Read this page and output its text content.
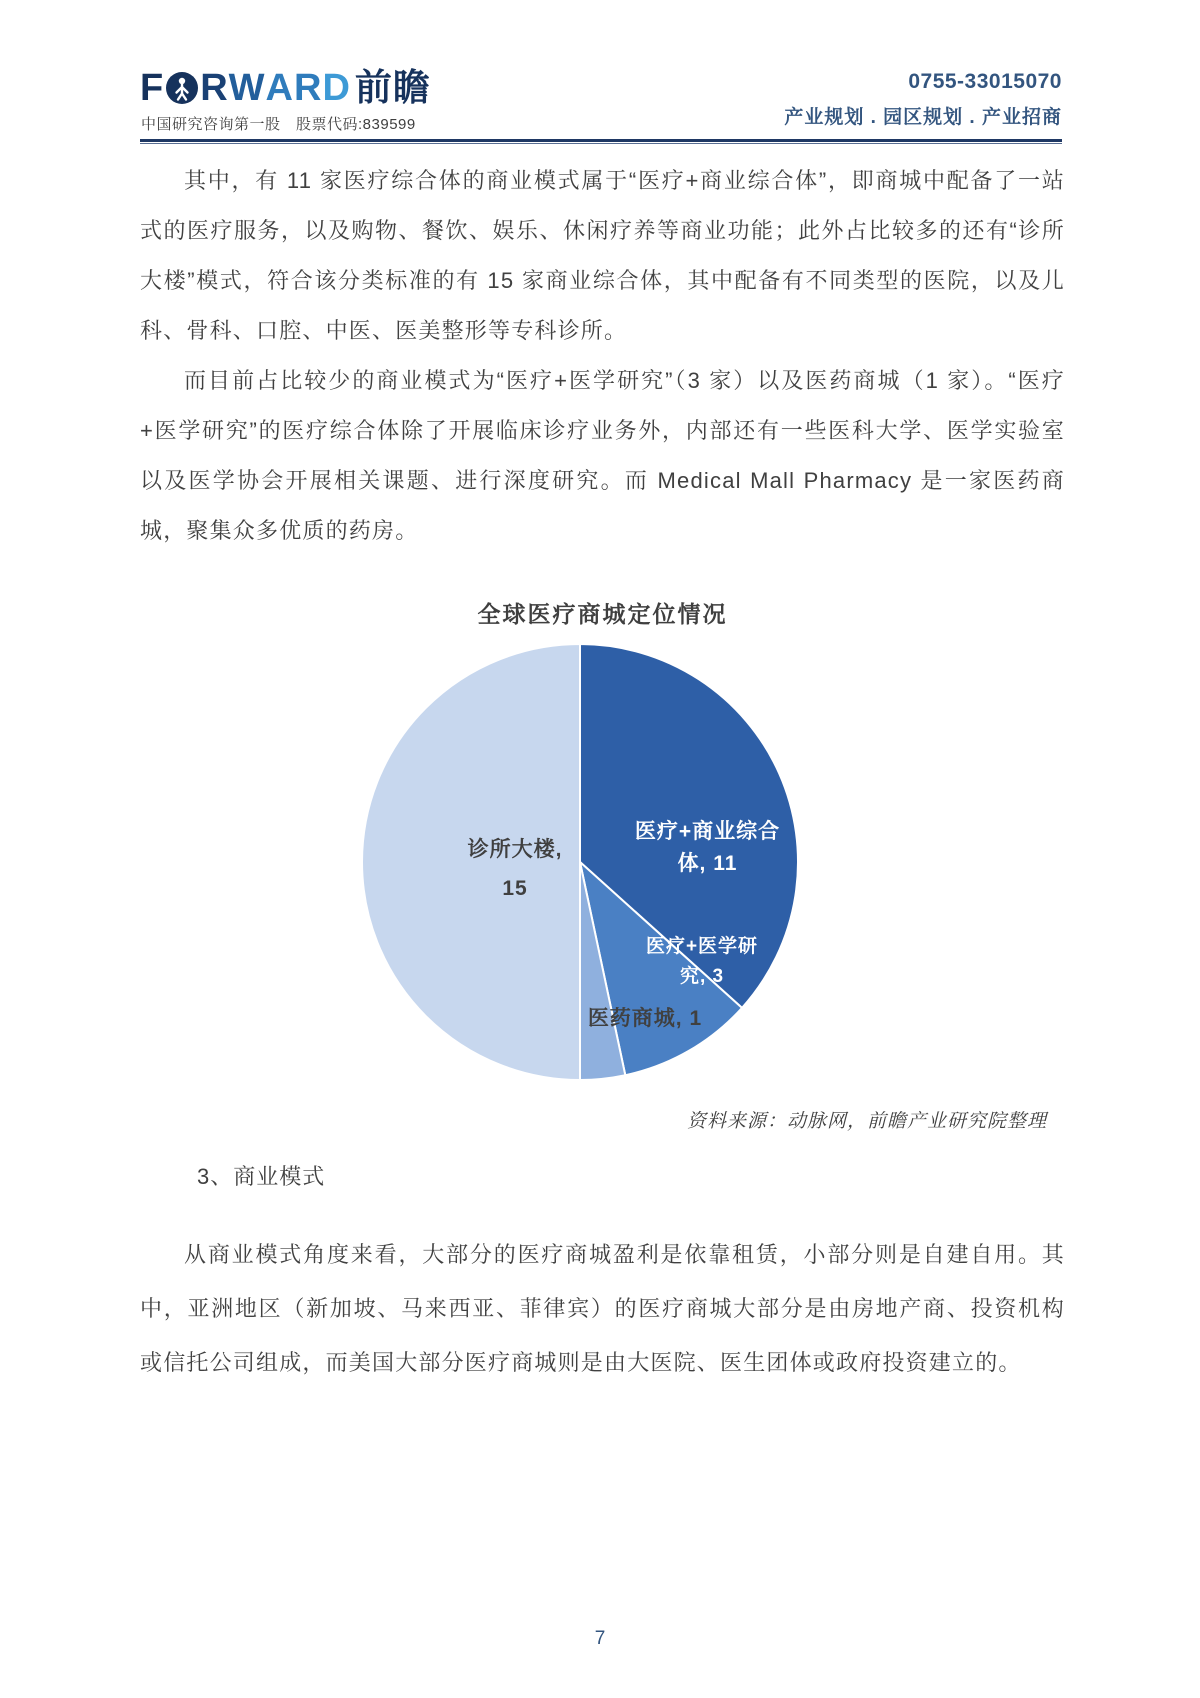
F R W A R D 前瞻
中国研究咨询第一股　股票代码:839599
0755-33015070
产业规划 . 园区规划 . 产业招商

其中，有 11 家医疗综合体的商业模式属于“医疗+商业综合体”，即商城中配备了一站式的医疗服务，以及购物、餐饮、娱乐、休闲疗养等商业功能；此外占比较多的还有“诊所大楼”模式，符合该分类标准的有 15 家商业综合体，其中配备有不同类型的医院，以及儿科、骨科、口腔、中医、医美整形等专科诊所。

而目前占比较少的商业模式为“医疗+医学研究”（3 家）以及医药商城（1 家）。“医疗+医学研究”的医疗综合体除了开展临床诊疗业务外，内部还有一些医科大学、医学实验室以及医学协会开展相关课题、进行深度研究。而 Medical Mall Pharmacy 是一家医药商城，聚集众多优质的药房。

全球医疗商城定位情况
医疗+商业综合
体, 11
医疗+医学研
究, 3
医药商城, 1
诊所大楼,
15
资料来源：动脉网，前瞻产业研究院整理
3、商业模式

从商业模式角度来看，大部分的医疗商城盈利是依靠租赁，小部分则是自建自用。其中，亚洲地区（新加坡、马来西亚、菲律宾）的医疗商城大部分是由房地产商、投资机构或信托公司组成，而美国大部分医疗商城则是由大医院、医生团体或政府投资建立的。

7
